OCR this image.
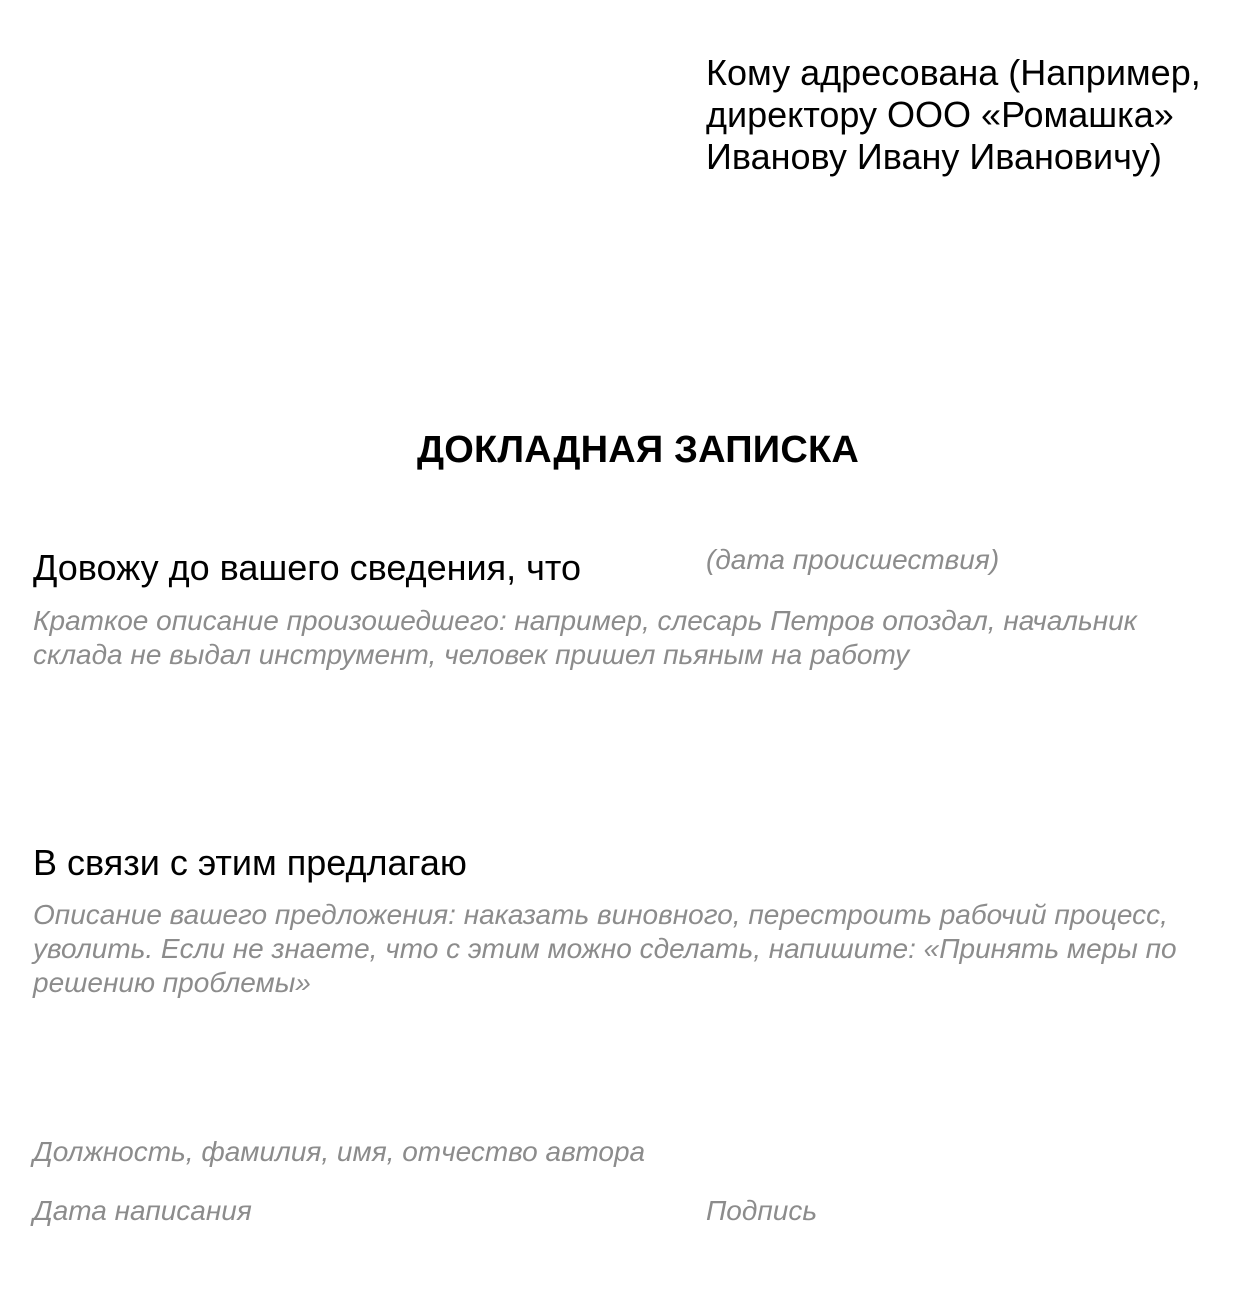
Кому адресована (Например,
директору ООО «Ромашка»
Иванову Ивану Ивановичу)
ДОКЛАДНАЯ ЗАПИСКА
Довожу до вашего сведения, что	(дата происшествия)
Краткое описание произошедшего: например, слесарь Петров опоздал, начальник
склада не выдал инструмент, человек пришел пьяным на работу
В связи с этим предлагаю
Описание вашего предложения: наказать виновного, перестроить рабочий процесс,
уволить. Если не знаете, что с этим можно сделать, напишите: «Принять меры по
решению проблемы»
Должность, фамилия, имя, отчество автора
Дата написания	Подпись
